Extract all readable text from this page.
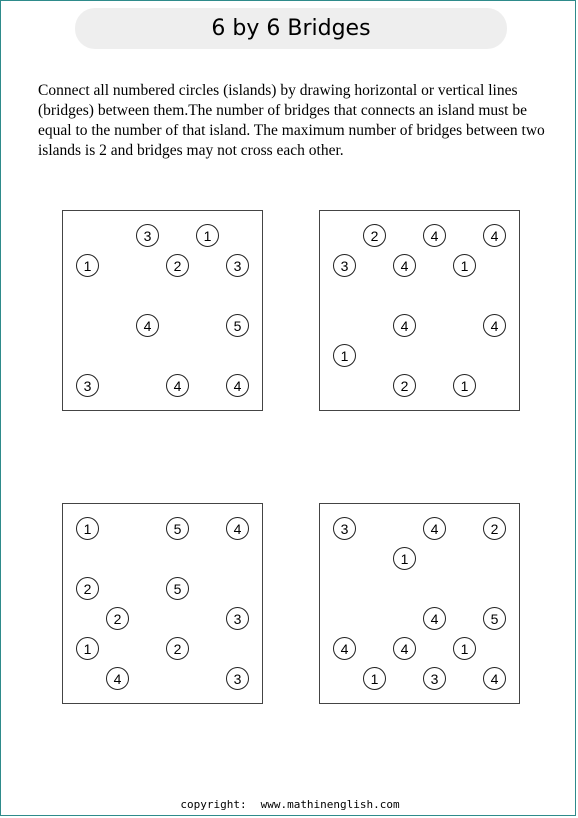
6 by 6 Bridges
Connect all numbered circles (islands) by drawing horizontal or vertical lines (bridges) between them.The number of bridges that connects an island must be equal to the number of that island. The maximum number of bridges between two islands is 2 and bridges may not cross each other.
3	1
1	2	3
4	5
3	4	4
2	4	4
3	4	1
4	4
1
2	1
1	5	4
2	5
2	3
1	2
4	3
3	4	2
1
4	5
4	4	1
1	3	4
copyright: www.mathinenglish.com
